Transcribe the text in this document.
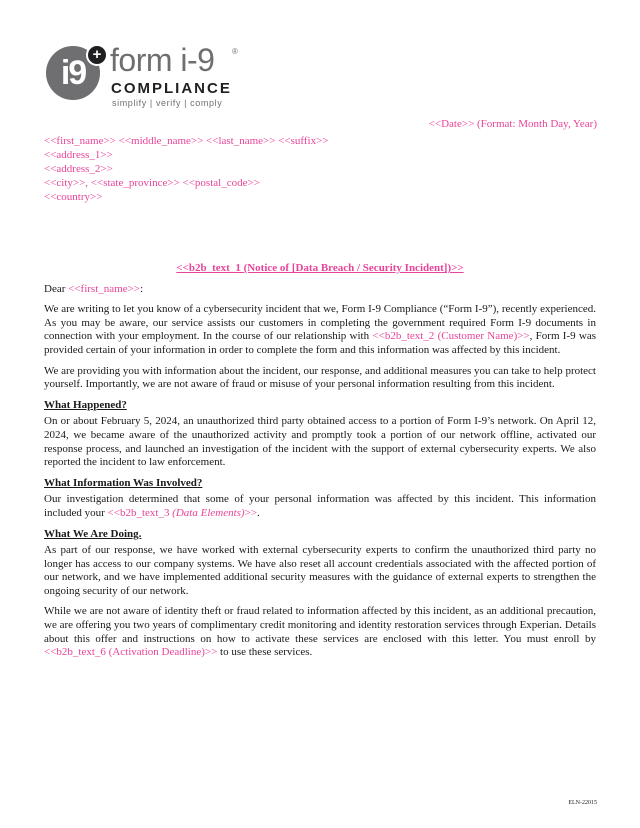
i9 + form i-9 ®
COMPLIANCE
simplify | verify | comply
<<Date>> (Format: Month Day, Year)
<<first_name>> <<middle_name>> <<last_name>> <<suffix>>
<<address_1>>
<<address_2>>
<<city>>, <<state_province>> <<postal_code>>
<<country>>

<<b2b_text_1 (Notice of [Data Breach / Security Incident])>>

Dear <<first_name>>:

We are writing to let you know of a cybersecurity incident that we, Form I-9 Compliance (“Form I-9”), recently experienced. As you may be aware, our service assists our customers in completing the government required Form I-9 documents in connection with your employment. In the course of our relationship with <<b2b_text_2 (Customer Name)>>, Form I-9 was provided certain of your information in order to complete the form and this information was affected by this incident.

We are providing you with information about the incident, our response, and additional measures you can take to help protect yourself. Importantly, we are not aware of fraud or misuse of your personal information resulting from this incident.

What Happened?

On or about February 5, 2024, an unauthorized third party obtained access to a portion of Form I-9’s network. On April 12, 2024, we became aware of the unauthorized activity and promptly took a portion of our network offline, activated our response process, and launched an investigation of the incident with the support of external cybersecurity experts. We also reported the incident to law enforcement.

What Information Was Involved?

Our investigation determined that some of your personal information was affected by this incident. This information included your <<b2b_text_3 (Data Elements)>>.

What We Are Doing.

As part of our response, we have worked with external cybersecurity experts to confirm the unauthorized third party no longer has access to our company systems. We have also reset all account credentials associated with the affected portion of our network, and we have implemented additional security measures with the guidance of external experts to strengthen the ongoing security of our network.

While we are not aware of identity theft or fraud related to information affected by this incident, as an additional precaution, we are offering you two years of complimentary credit monitoring and identity restoration services through Experian. Details about this offer and instructions on how to activate these services are enclosed with this letter. You must enroll by <<b2b_text_6 (Activation Deadline)>> to use these services.

ELN-22015
